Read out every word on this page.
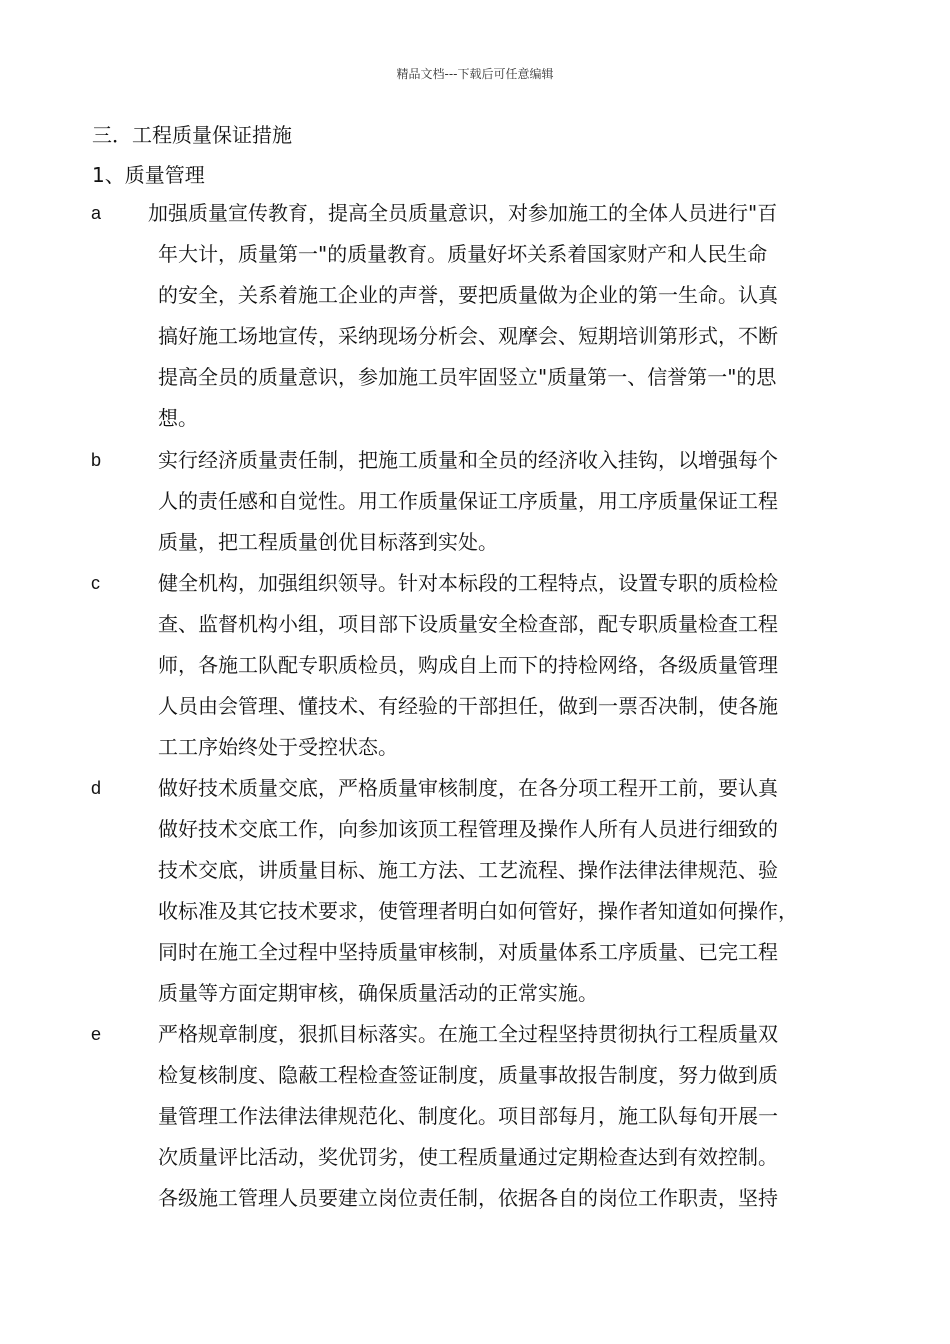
精品文档---下载后可任意编辑
三．工程质量保证措施
1、质量管理
a 加强质量宣传教育，提高全员质量意识，对参加施工的全体人员进行"百
年大计，质量第一"的质量教育。质量好坏关系着国家财产和人民生命
的安全，关系着施工企业的声誉，要把质量做为企业的第一生命。认真
搞好施工场地宣传，采纳现场分析会、观摩会、短期培训第形式，不断
提高全员的质量意识，参加施工员牢固竖立"质量第一、信誉第一"的思
想。
b	实行经济质量责任制，把施工质量和全员的经济收入挂钩，以增强每个
人的责任感和自觉性。用工作质量保证工序质量，用工序质量保证工程
质量，把工程质量创优目标落到实处。
c	健全机构，加强组织领导。针对本标段的工程特点，设置专职的质检检
查、监督机构小组，项目部下设质量安全检查部，配专职质量检查工程
师，各施工队配专职质检员，购成自上而下的持检网络，各级质量管理
人员由会管理、懂技术、有经验的干部担任，做到一票否决制，使各施
工工序始终处于受控状态。
d	做好技术质量交底，严格质量审核制度，在各分项工程开工前，要认真
做好技术交底工作，向参加该顶工程管理及操作人所有人员进行细致的
技术交底，讲质量目标、施工方法、工艺流程、操作法律法律规范、验
收标准及其它技术要求，使管理者明白如何管好，操作者知道如何操作，
同时在施工全过程中坚持质量审核制，对质量体系工序质量、已完工程
质量等方面定期审核，确保质量活动的正常实施。
e	严格规章制度，狠抓目标落实。在施工全过程坚持贯彻执行工程质量双
检复核制度、隐蔽工程检查签证制度，质量事故报告制度，努力做到质
量管理工作法律法律规范化、制度化。项目部每月，施工队每旬开展一
次质量评比活动，奖优罚劣，使工程质量通过定期检查达到有效控制。
各级施工管理人员要建立岗位责任制，依据各自的岗位工作职责，坚持
